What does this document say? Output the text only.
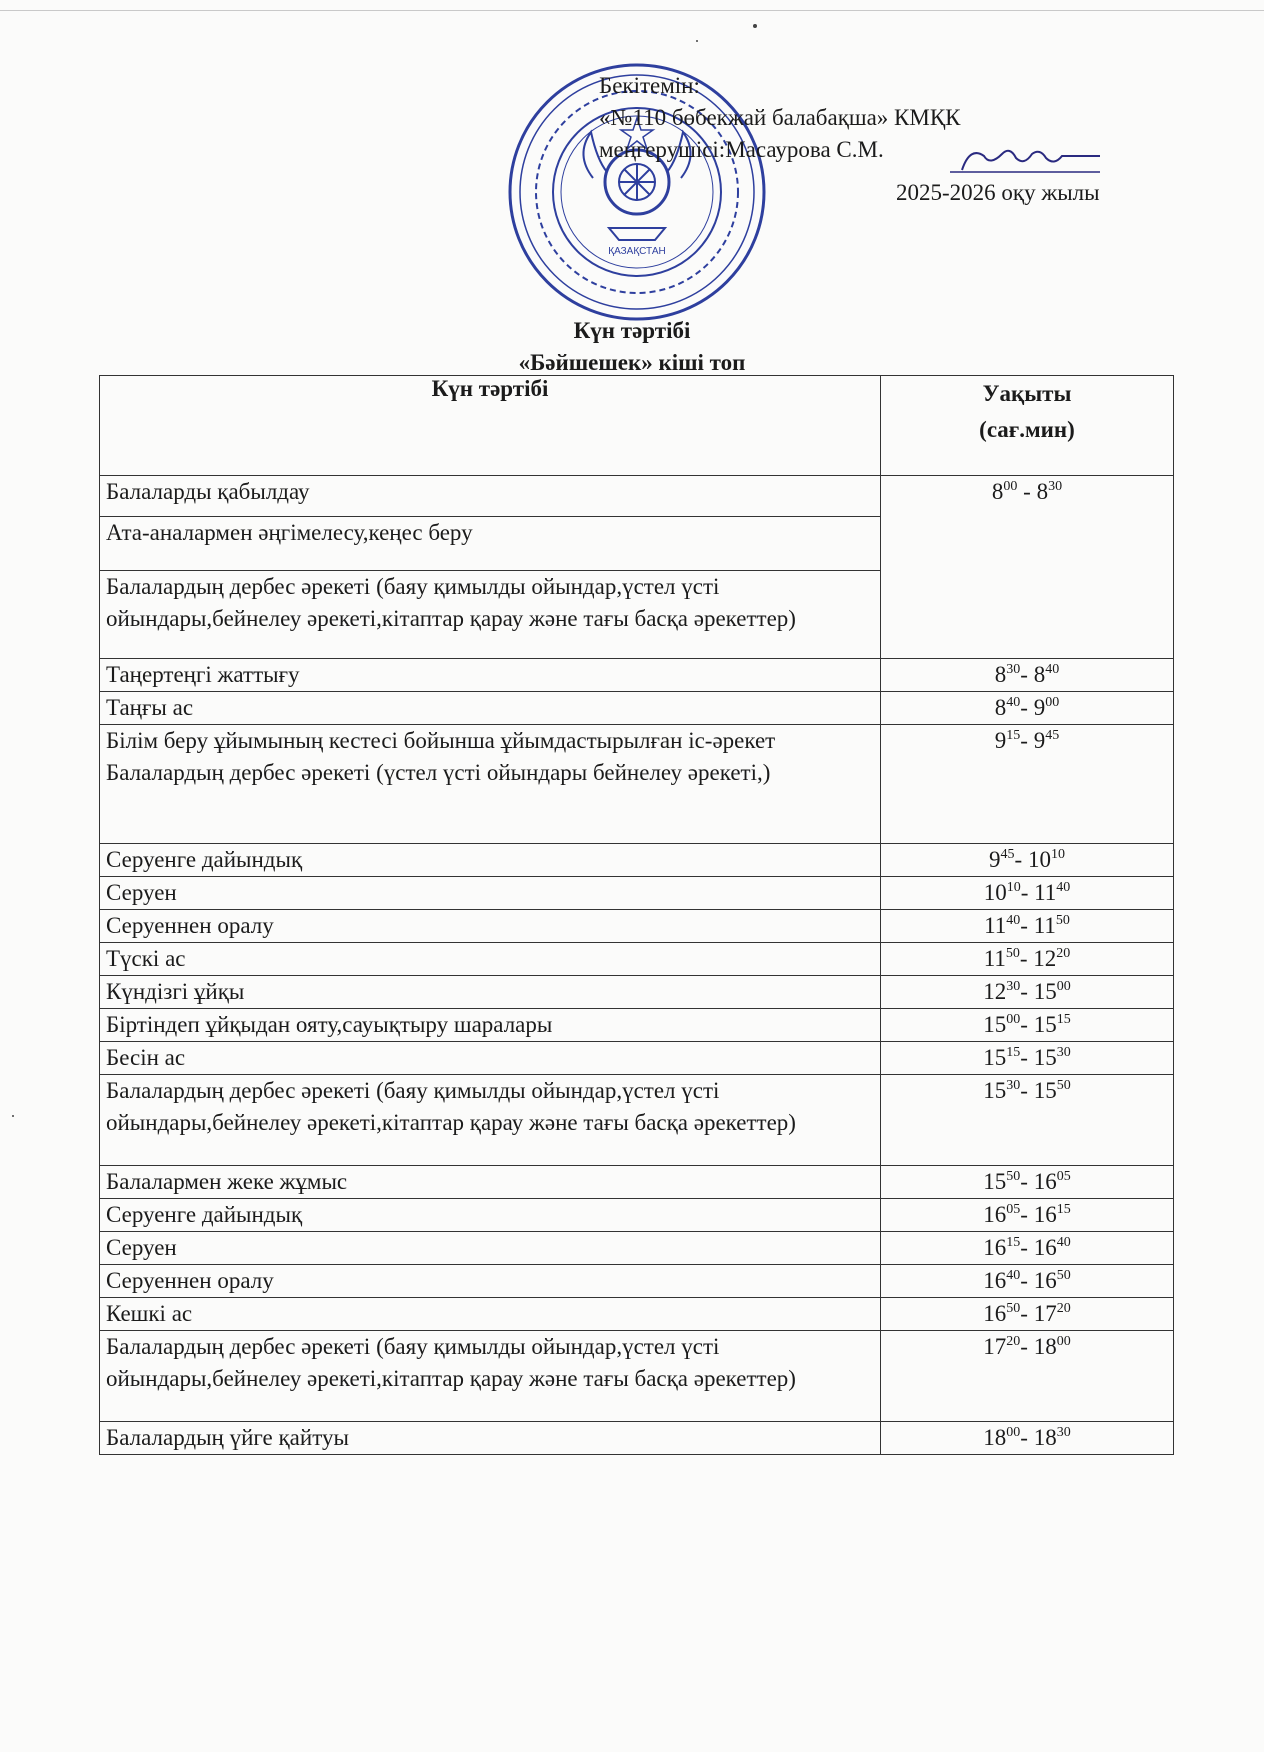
ҚАЗАҚСТАН
Бекітемін:
«№110 бөбекжай балабақша» КМҚК
меңгерушісі:Масаурова С.М.
2025-2026 оқу жылы
Күн тәртібі
«Бәйшешек» кіші топ
Күн тәртібі	Уақыты
(сағ.мин)

Балаларды қабылдау	$8^{00} - 8^{30}$
Ата-аналармен әңгімелесу,кеңес беру	
Балалардың дербес әрекеті (баяу қимылды ойындар,үстел үсті ойындары,бейнелеу әрекеті,кітаптар қарау және тағы басқа әрекеттер)	
Таңертеңгі жаттығу	$8^{30}-$ $8^{40}$
Таңғы ас	$8^{40}-$ $9^{00}$
Білім беру ұйымының кестесі бойынша ұйымдастырылған іс-әрекет
Балалардың дербес әрекеті (үстел үсті ойындары бейнелеу әрекеті,)	$9^{15}-$ $9^{45}$
Серуенге дайындық	$9^{45}-$ $10^{10}$
Серуен	$10^{10}-$ $11^{40}$
Серуеннен оралу	$11^{40}-$ $11^{50}$
Түскі ас	$11^{50}-$ $12^{20}$
Күндізгі ұйқы	$12^{30}-$ $15^{00}$
Біртіндеп ұйқыдан ояту,сауықтыру шаралары	$15^{00}-$ $15^{15}$
Бесін ас	$15^{15}-$ $15^{30}$
Балалардың дербес әрекеті (баяу қимылды ойындар,үстел үсті ойындары,бейнелеу әрекеті,кітаптар қарау және тағы басқа әрекеттер)	$15^{30}-$ $15^{50}$
Балалармен жеке жұмыс	$15^{50}-$ $16^{05}$
Серуенге дайындық	$16^{05}-$ $16^{15}$
Серуен	$16^{15}-$ $16^{40}$
Серуеннен оралу	$16^{40}-$ $16^{50}$
Кешкі ас	$16^{50}-$ $17^{20}$
Балалардың дербес әрекеті (баяу қимылды ойындар,үстел үсті ойындары,бейнелеу әрекеті,кітаптар қарау және тағы басқа әрекеттер)	$17^{20}-$ $18^{00}$
Балалардың үйге қайтуы	$18^{00}-$ $18^{30}$
